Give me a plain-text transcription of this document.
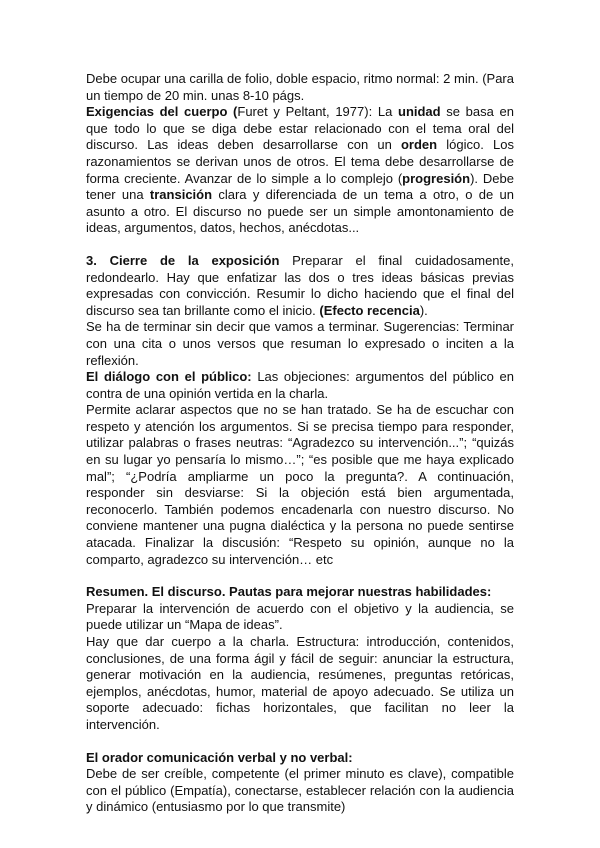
Debe ocupar una carilla de folio, doble espacio, ritmo normal: 2 min. (Para un tiempo de 20 min. unas 8-10 págs.

Exigencias del cuerpo (Furet y Peltant, 1977): La unidad se basa en que todo lo que se diga debe estar relacionado con el tema oral del discurso. Las ideas deben desarrollarse con un orden lógico. Los razonamientos se derivan unos de otros. El tema debe desarrollarse de forma creciente. Avanzar de lo simple a lo complejo (progresión). Debe tener una transición clara y diferenciada de un tema a otro, o de un asunto a otro. El discurso no puede ser un simple amontonamiento de ideas, argumentos, datos, hechos, anécdotas...

3. Cierre de la exposición Preparar el final cuidadosamente, redondearlo. Hay que enfatizar las dos o tres ideas básicas previas expresadas con convicción. Resumir lo dicho haciendo que el final del discurso sea tan brillante como el inicio. (Efecto recencia).

Se ha de terminar sin decir que vamos a terminar. Sugerencias: Terminar con una cita o unos versos que resuman lo expresado o inciten a la reflexión.

El diálogo con el público: Las objeciones: argumentos del público en contra de una opinión vertida en la charla.

Permite aclarar aspectos que no se han tratado. Se ha de escuchar con respeto y atención los argumentos. Si se precisa tiempo para responder, utilizar palabras o frases neutras: “Agradezco su intervención...”; “quizás en su lugar yo pensaría lo mismo…”; “es posible que me haya explicado mal”; “¿Podría ampliarme un poco la pregunta?. A continuación, responder sin desviarse: Si la objeción está bien argumentada, reconocerlo. También podemos encadenarla con nuestro discurso. No conviene mantener una pugna dialéctica y la persona no puede sentirse atacada. Finalizar la discusión: “Respeto su opinión, aunque no la comparto, agradezco su intervención… etc

Resumen. El discurso. Pautas para mejorar nuestras habilidades:

Preparar la intervención de acuerdo con el objetivo y la audiencia, se puede utilizar un “Mapa de ideas”.

Hay que dar cuerpo a la charla. Estructura: introducción, contenidos, conclusiones, de una forma ágil y fácil de seguir: anunciar la estructura, generar motivación en la audiencia, resúmenes, preguntas retóricas, ejemplos, anécdotas, humor, material de apoyo adecuado. Se utiliza un soporte adecuado: fichas horizontales, que facilitan no leer la intervención.

El orador comunicación verbal y no verbal:

Debe de ser creíble, competente (el primer minuto es clave), compatible con el público (Empatía), conectarse, establecer relación con la audiencia y dinámico (entusiasmo por lo que transmite)
